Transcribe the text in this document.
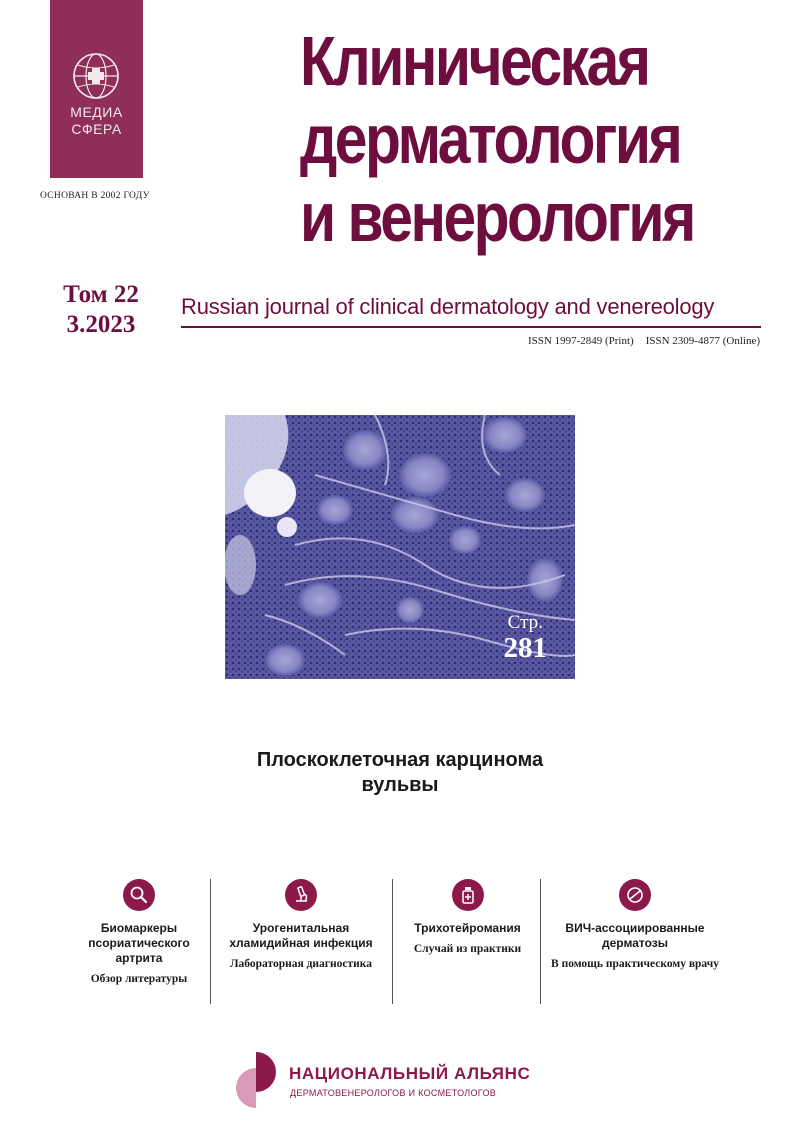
МЕДИА
СФЕРА
ОСНОВАН В 2002 ГОДУ
Клиническая
дерматология
и венерология
Том 22
3.2023
Russian journal of clinical dermatology and venereology
ISSN 1997-2849 (Print) ISSN 2309-4877 (Online)
Стр.
281
Плоскоклеточная карцинома
вульвы
Биомаркеры псориатического артрита
Обзор литературы
Урогенитальная хламидийная инфекция
Лабораторная диагностика
Трихотейромания
Случай из практики
ВИЧ-ассоциированные дерматозы
В помощь практическому врачу
НАЦИОНАЛЬНЫЙ АЛЬЯНС
ДЕРМАТОВЕНЕРОЛОГОВ И КОСМЕТОЛОГОВ
